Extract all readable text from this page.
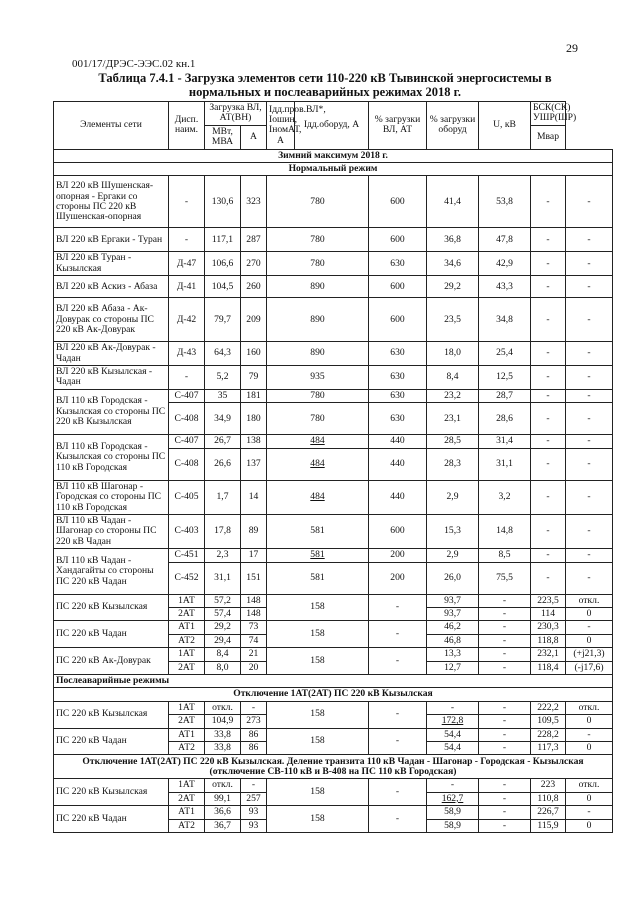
29
001/17/ДРЭС-ЭЭС.02 кн.1
Таблица 7.4.1 - Загрузка элементов сети 110-220 кВ Тывинской энергосистемы в
нормальных и послеаварийных режимах 2018 г.
Элементы сети	Дисп. наим.	Загрузка ВЛ, АТ(ВН)		Iдд.пров.ВЛ*, Iошин, IномАТ, А	Iдд.оборуд, А	% загрузки ВЛ, АТ	% загрузки оборуд	U, кВ	БСК(СК) УШР(ШР)	
		МВт, МВА	А						Мвар	
Зимний максимум 2018 г.										
Нормальный режим										
ВЛ 220 кВ Шушенская-опорная - Ергаки со стороны ПС 220 кВ Шушенская-опорная	-	130,6	323	780		600	41,4	53,8	-	-
ВЛ 220 кВ Ергаки - Туран	-	117,1	287	780		600	36,8	47,8	-	-
ВЛ 220 кВ Туран - Кызылская	Д-47	106,6	270	780		630	34,6	42,9	-	-
ВЛ 220 кВ Аскиз - Абаза	Д-41	104,5	260	890		600	29,2	43,3	-	-
ВЛ 220 кВ Абаза - Ак-Довурак со стороны ПС 220 кВ Ак-Довурак	Д-42	79,7	209	890		600	23,5	34,8	-	-
ВЛ 220 кВ Ак-Довурак - Чадан	Д-43	64,3	160	890		630	18,0	25,4	-	-
ВЛ 220 кВ Кызылская - Чадан	-	5,2	79	935		630	8,4	12,5	-	-
ВЛ 110 кВ Городская - Кызылская со стороны ПС 220 кВ Кызылская	С-407	35	181	780		630	23,2	28,7	-	-
	С-408	34,9	180	780		630	23,1	28,6	-	-
ВЛ 110 кВ Городская - Кызылская со стороны ПС 110 кВ Городская	С-407	26,7	138	484		440	28,5	31,4	-	-
	С-408	26,6	137	484		440	28,3	31,1	-	-
ВЛ 110 кВ Шагонар - Городская со стороны ПС 110 кВ Городская	С-405	1,7	14	484		440	2,9	3,2	-	-
ВЛ 110 кВ Чадан - Шагонар со стороны ПС 220 кВ Чадан	С-403	17,8	89	581		600	15,3	14,8	-	-
ВЛ 110 кВ Чадан - Хандагайты со стороны ПС 220 кВ Чадан	С-451	2,3	17	581		200	2,9	8,5	-	-
	С-452	31,1	151	581		200	26,0	75,5	-	-
ПС 220 кВ Кызылская	1АТ	57,2	148	158		-	93,7	-	223,5	откл.
	2АТ	57,4	148				93,7	-	114	0
ПС 220 кВ Чадан	АТ1	29,2	73	158		-	46,2	-	230,3	-
	АТ2	29,4	74				46,8	-	118,8	0
ПС 220 кВ Ак-Довурак	1АТ	8,4	21	158		-	13,3	-	232,1	(+j21,3)
	2АТ	8,0	20				12,7	-	118,4	(-j17,6)
Послеаварийные режимы										
Отключение 1АТ(2АТ) ПС 220 кВ Кызылская										
ПС 220 кВ Кызылская	1АТ	откл.	-	158		-	-	-	222,2	откл.
	2АТ	104,9	273				172,8	-	109,5	0
ПС 220 кВ Чадан	АТ1	33,8	86	158		-	54,4	-	228,2	-
	АТ2	33,8	86				54,4	-	117,3	0

Отключение 1АТ(2АТ) ПС 220 кВ Кызылская. Деление транзита 110 кВ Чадан - Шагонар - Городская - Кызылская
(отключение СВ-110 кВ и В-408 на ПС 110 кВ Городская)										

ПС 220 кВ Кызылская	1АТ	откл.	-	158		-	-	-	223	откл.
	2АТ	99,1	257				162,7	-	110,8	0
ПС 220 кВ Чадан	АТ1	36,6	93	158		-	58,9	-	226,7	-
	АТ2	36,7	93				58,9	-	115,9	0
